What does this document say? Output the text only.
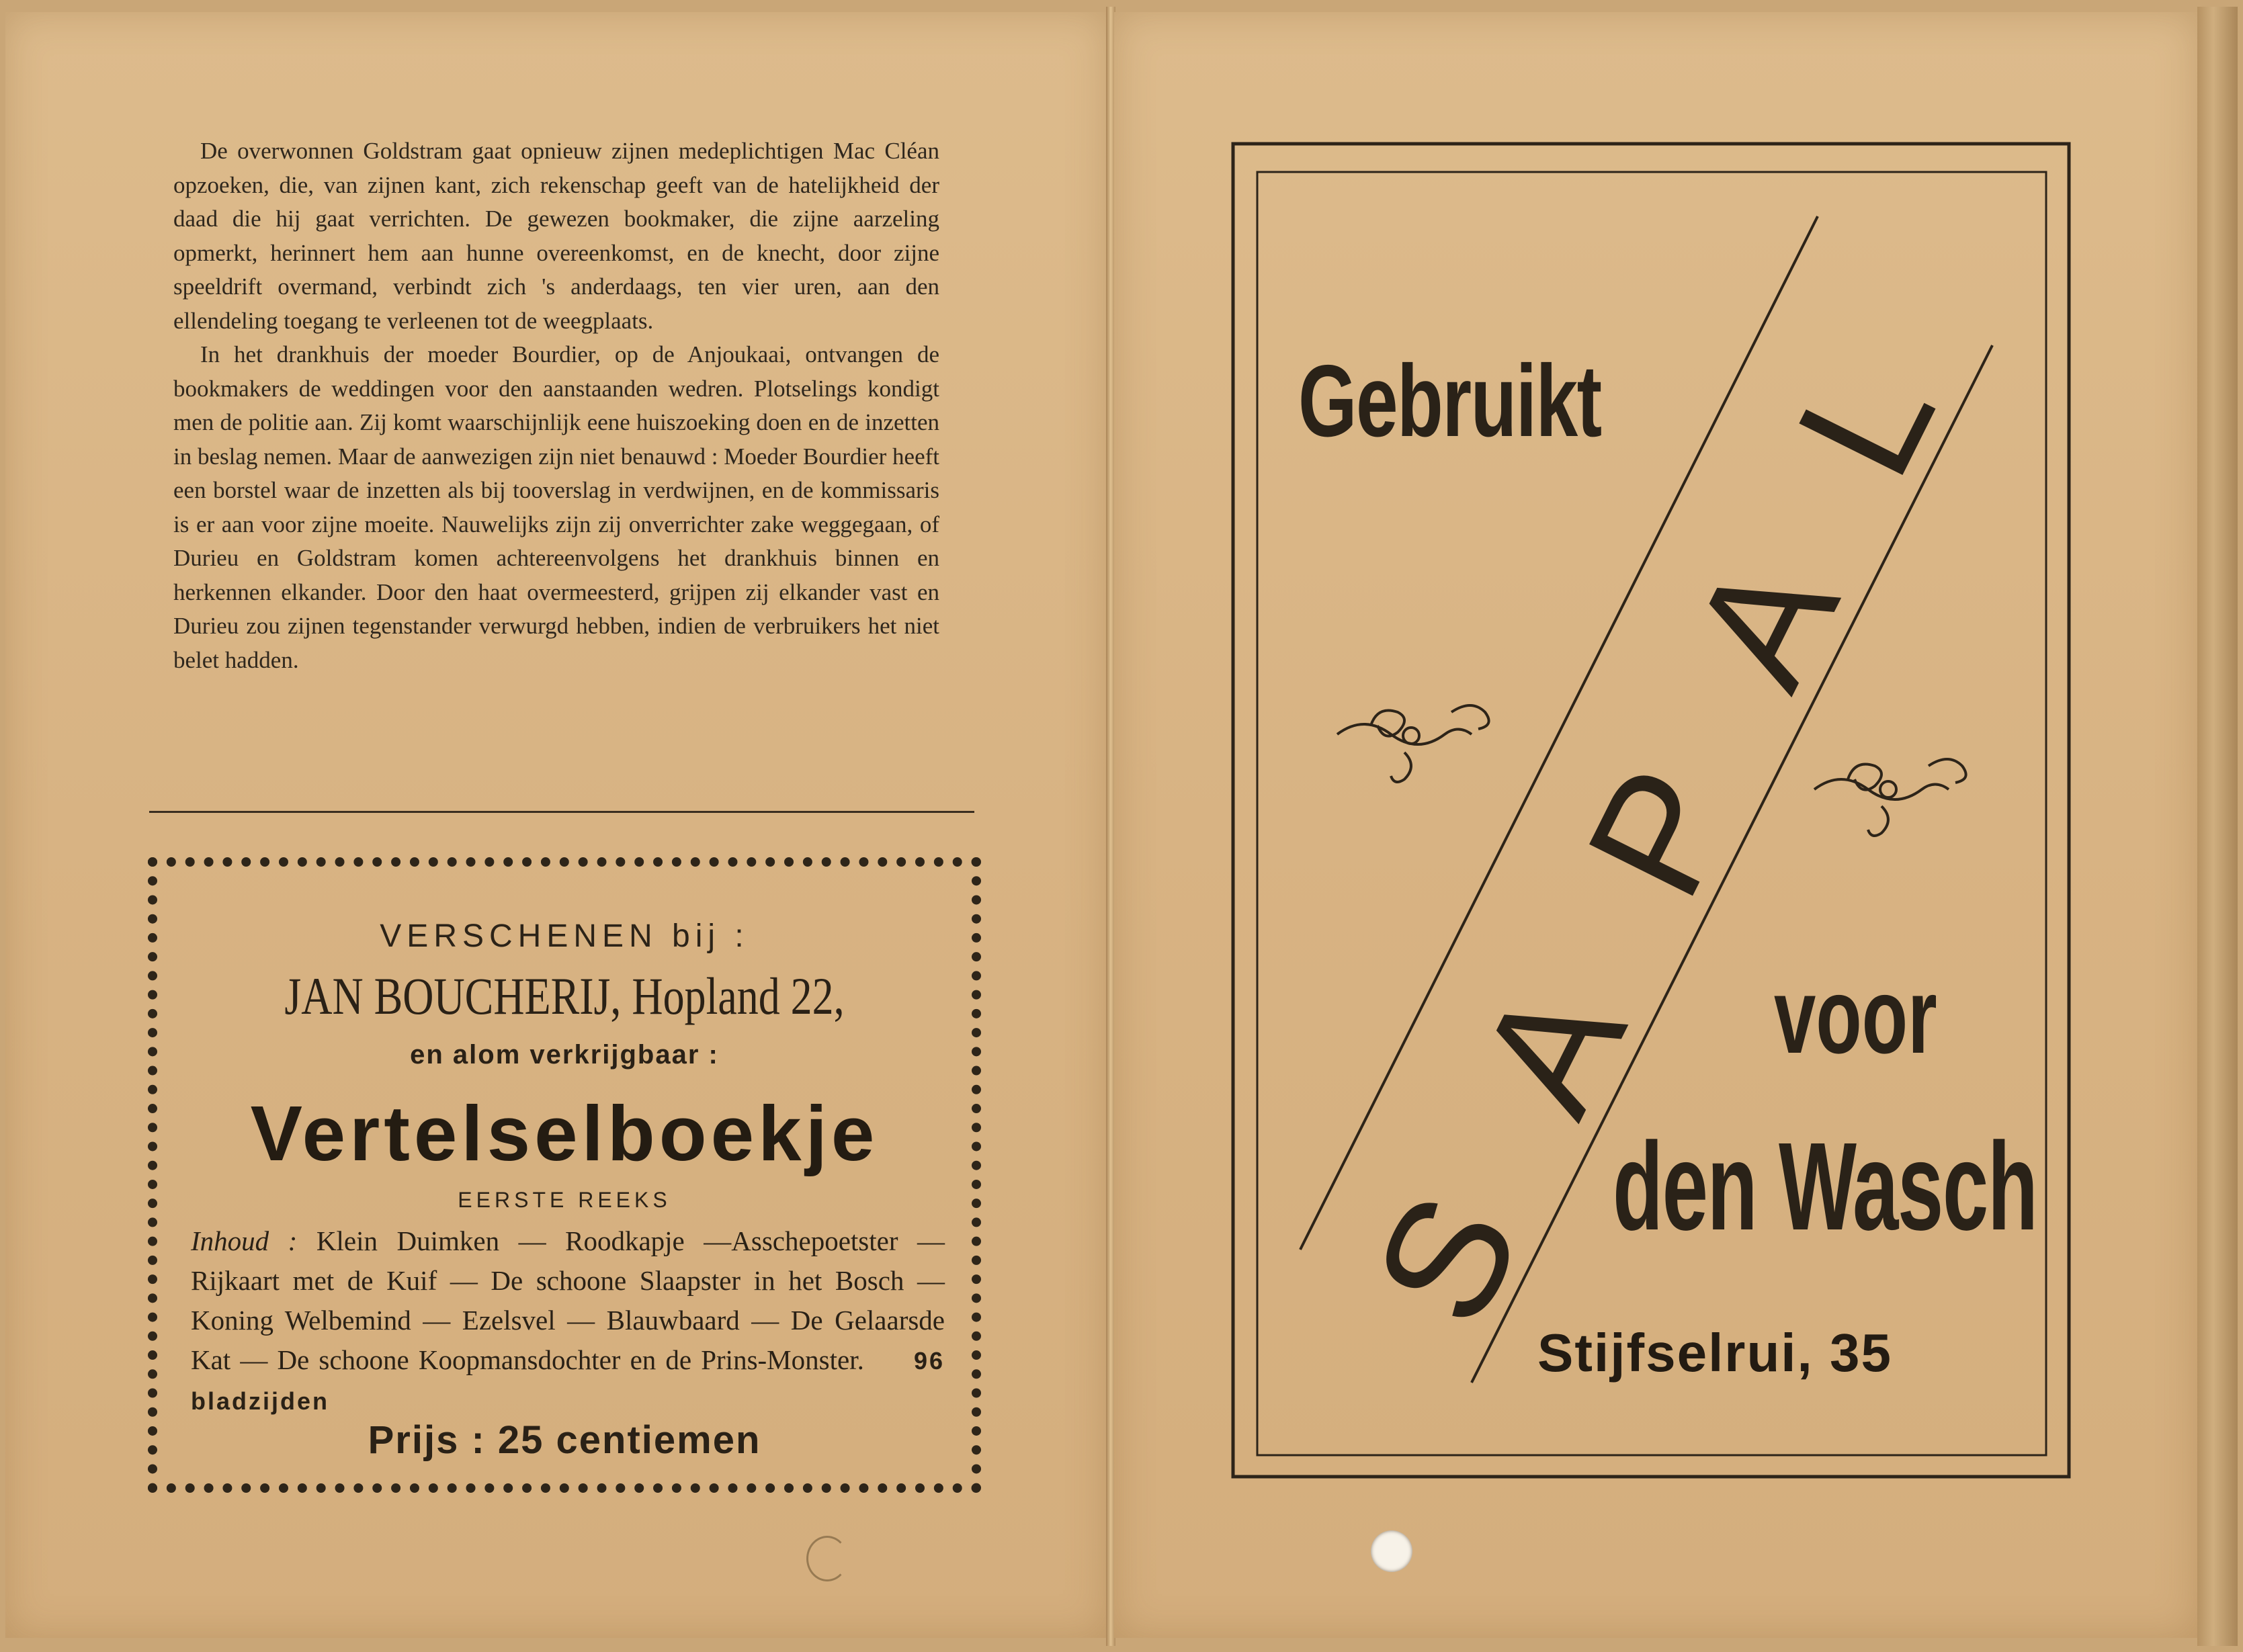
De overwonnen Goldstram gaat opnieuw zijnen medeplichtigen Mac Cléan opzoeken, die, van zijnen kant, zich rekenschap geeft van de hatelijkheid der daad die hij gaat verrichten. De gewezen bookmaker, die zijne aarzeling opmerkt, herinnert hem aan hunne overeenkomst, en de knecht, door zijne speeldrift overmand, verbindt zich 's anderdaags, ten vier uren, aan den ellendeling toegang te verleenen tot de weegplaats.

In het drankhuis der moeder Bourdier, op de Anjoukaai, ontvangen de bookmakers de weddingen voor den aanstaanden wedren. Plotselings kondigt men de politie aan. Zij komt waarschijnlijk eene huiszoeking doen en de inzetten in beslag nemen. Maar de aanwezigen zijn niet benauwd : Moeder Bourdier heeft een borstel waar de inzetten als bij tooverslag in verdwijnen, en de kommissaris is er aan voor zijne moeite. Nauwelijks zijn zij onverrichter zake weggegaan, of Durieu en Goldstram komen achtereenvolgens het drankhuis binnen en herkennen elkander. Door den haat overmeesterd, grijpen zij elkander vast en Durieu zou zijnen tegenstander verwurgd hebben, indien de verbruikers het niet belet hadden.

VERSCHENEN bij :
JAN BOUCHERIJ, Hopland 22,
en alom verkrijgbaar :
Vertelselboekje
EERSTE REEKS
Inhoud : Klein Duimken — Roodkapje —Asschepoetster — Rijkaart met de Kuif — De schoone Slaapster in het Bosch — Koning Welbemind — Ezelsvel — Blauwbaard — De Gelaarsde Kat — De schoone Koopmansdochter en de Prins-Monster. 96 bladzijden
Prijs : 25 centiemen
S
A
P
A
L
Gebruikt
voor
den Wasch
Stijfselrui, 35
